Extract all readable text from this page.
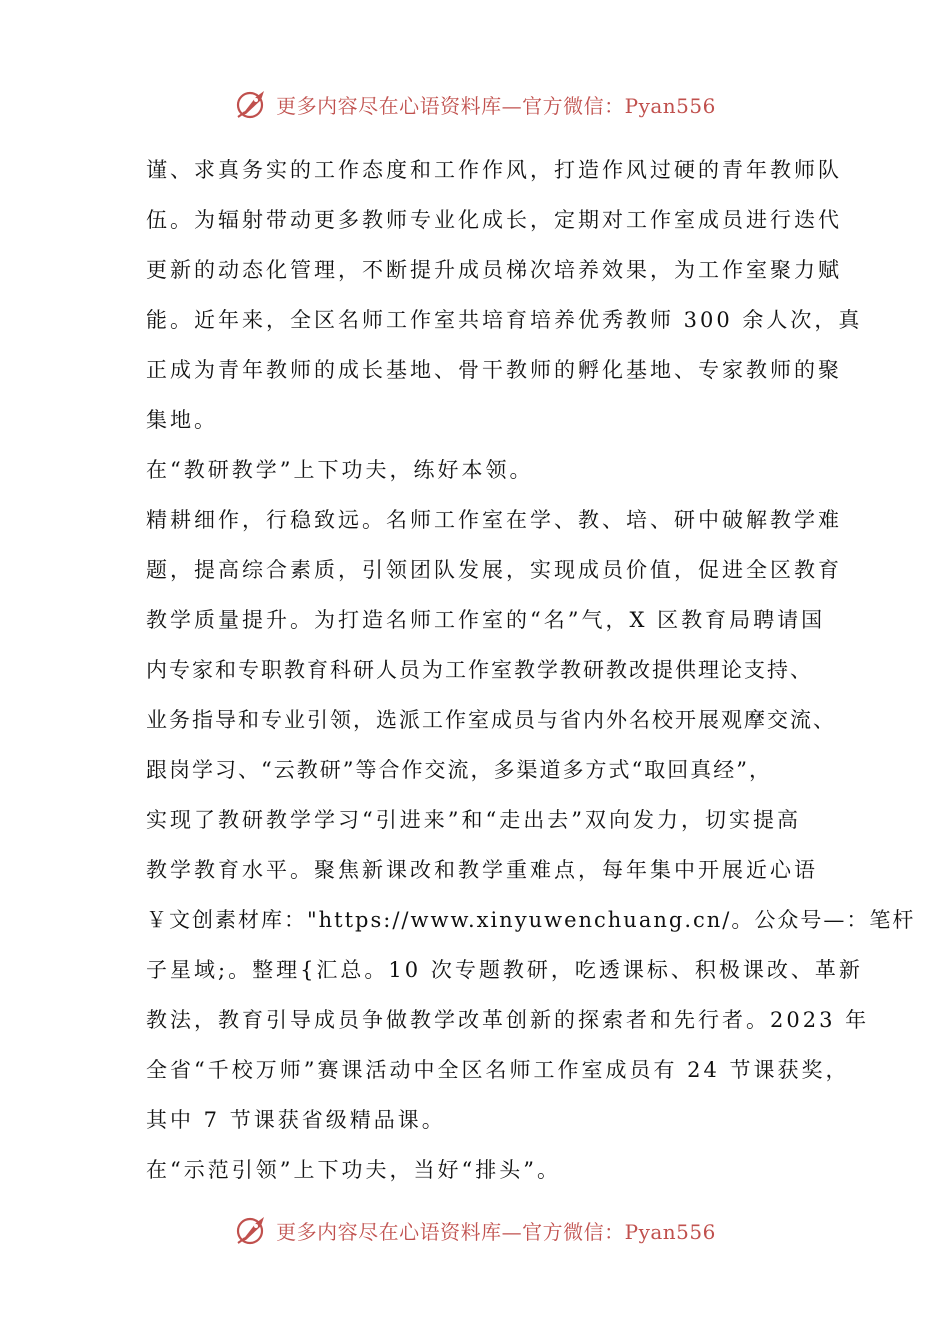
更多内容尽在心语资料库—官方微信：Pyan556
谨、求真务实的工作态度和工作作风，打造作风过硬的青年教师队
伍。为辐射带动更多教师专业化成长，定期对工作室成员进行迭代
更新的动态化管理，不断提升成员梯次培养效果，为工作室聚力赋
能。近年来，全区名师工作室共培育培养优秀教师 300 余人次，真
正成为青年教师的成长基地、骨干教师的孵化基地、专家教师的聚
集地。
在“教研教学”上下功夫，练好本领。
精耕细作，行稳致远。名师工作室在学、教、培、研中破解教学难
题，提高综合素质，引领团队发展，实现成员价值，促进全区教育
教学质量提升。为打造名师工作室的“名”气，X 区教育局聘请国
内专家和专职教育科研人员为工作室教学教研教改提供理论支持、
业务指导和专业引领，选派工作室成员与省内外名校开展观摩交流、
跟岗学习、“云教研”等合作交流，多渠道多方式“取回真经”，
实现了教研教学学习“引进来”和“走出去”双向发力，切实提高
教学教育水平。聚焦新课改和教学重难点，每年集中开展近心语
￥文创素材库："https://www.xinyuwenchuang.cn/。公众号—：笔杆
子星域;。整理{汇总。10 次专题教研，吃透课标、积极课改、革新
教法，教育引导成员争做教学改革创新的探索者和先行者。2023 年
全省“千校万师”赛课活动中全区名师工作室成员有 24 节课获奖，
其中 7 节课获省级精品课。
在“示范引领”上下功夫，当好“排头”。
更多内容尽在心语资料库—官方微信：Pyan556
